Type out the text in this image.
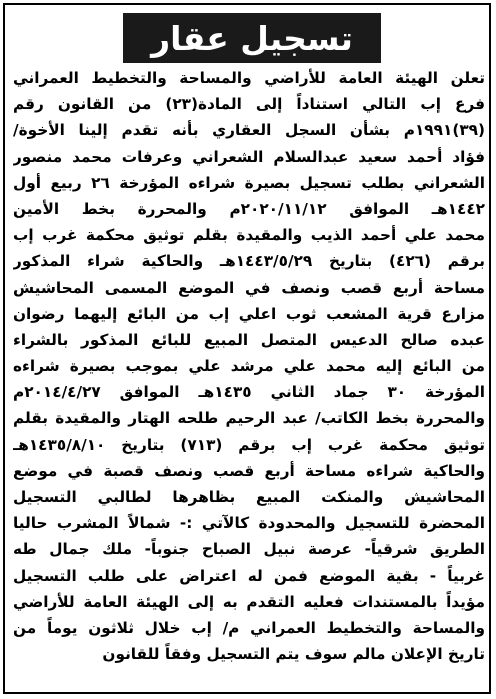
تسجيل عقار
تعلن الهيئة العامة للأراضي والمساحة والتخطيط العمراني
فرع إب التالي استناداً إلى المادة(٢٣) من القانون رقم
(٣٩)١٩٩١م بشأن السجل العقاري بأنه تقدم إلينا الأخوة/
فؤاد أحمد سعيد عبدالسلام الشعراني وعرفات محمد منصور
الشعراني بطلب تسجيل بصيرة شراءه المؤرخة ٢٦ ربيع أول
١٤٤٢هـ الموافق ٢٠٢٠/١١/١٢م والمحررة بخط الأمين
محمد علي أحمد الذيب والمقيدة بقلم توثيق محكمة غرب إب
برقم (٤٢٦) بتاريخ ١٤٤٣/٥/٢٩هـ والحاكية شراء المذكور
مساحة أربع قصب ونصف في الموضع المسمى المحاشيش
مزارع قرية المشعب ثوب اعلي إب من البائع إليهما رضوان
عبده صالح الدعيس المتصل المبيع للبائع المذكور بالشراء
من البائع إليه محمد علي مرشد علي بموجب بصيرة شراءه
المؤرخة ٣٠ جماد الثاني ١٤٣٥هـ الموافق ٢٠١٤/٤/٢٧م
والمحررة بخط الكاتب/ عبد الرحيم طلحه الهتار والمقيدة بقلم
توثيق محكمة غرب إب برقم (٧١٣) بتاريخ ١٤٣٥/٨/١٠هـ
والحاكية شراءه مساحة أربع قصب ونصف قصبة في موضع
المحاشيش والمنكت المبيع بظاهرها لطالبي التسجيل
المحضرة للتسجيل والمحدودة كالآتي :- شمالاً المشرب حاليا
الطريق شرقياً- عرصة نبيل الصباح جنوباً- ملك جمال طه
غربياً - بقية الموضع فمن له اعتراض على طلب التسجيل
مؤيداً بالمستندات فعليه التقدم به إلى الهيئة العامة للأراضي
والمساحة والتخطيط العمراني م/ إب خلال ثلاثون يوماً من
تاريخ الإعلان مالم سوف يتم التسجيل وفقاً للقانون
